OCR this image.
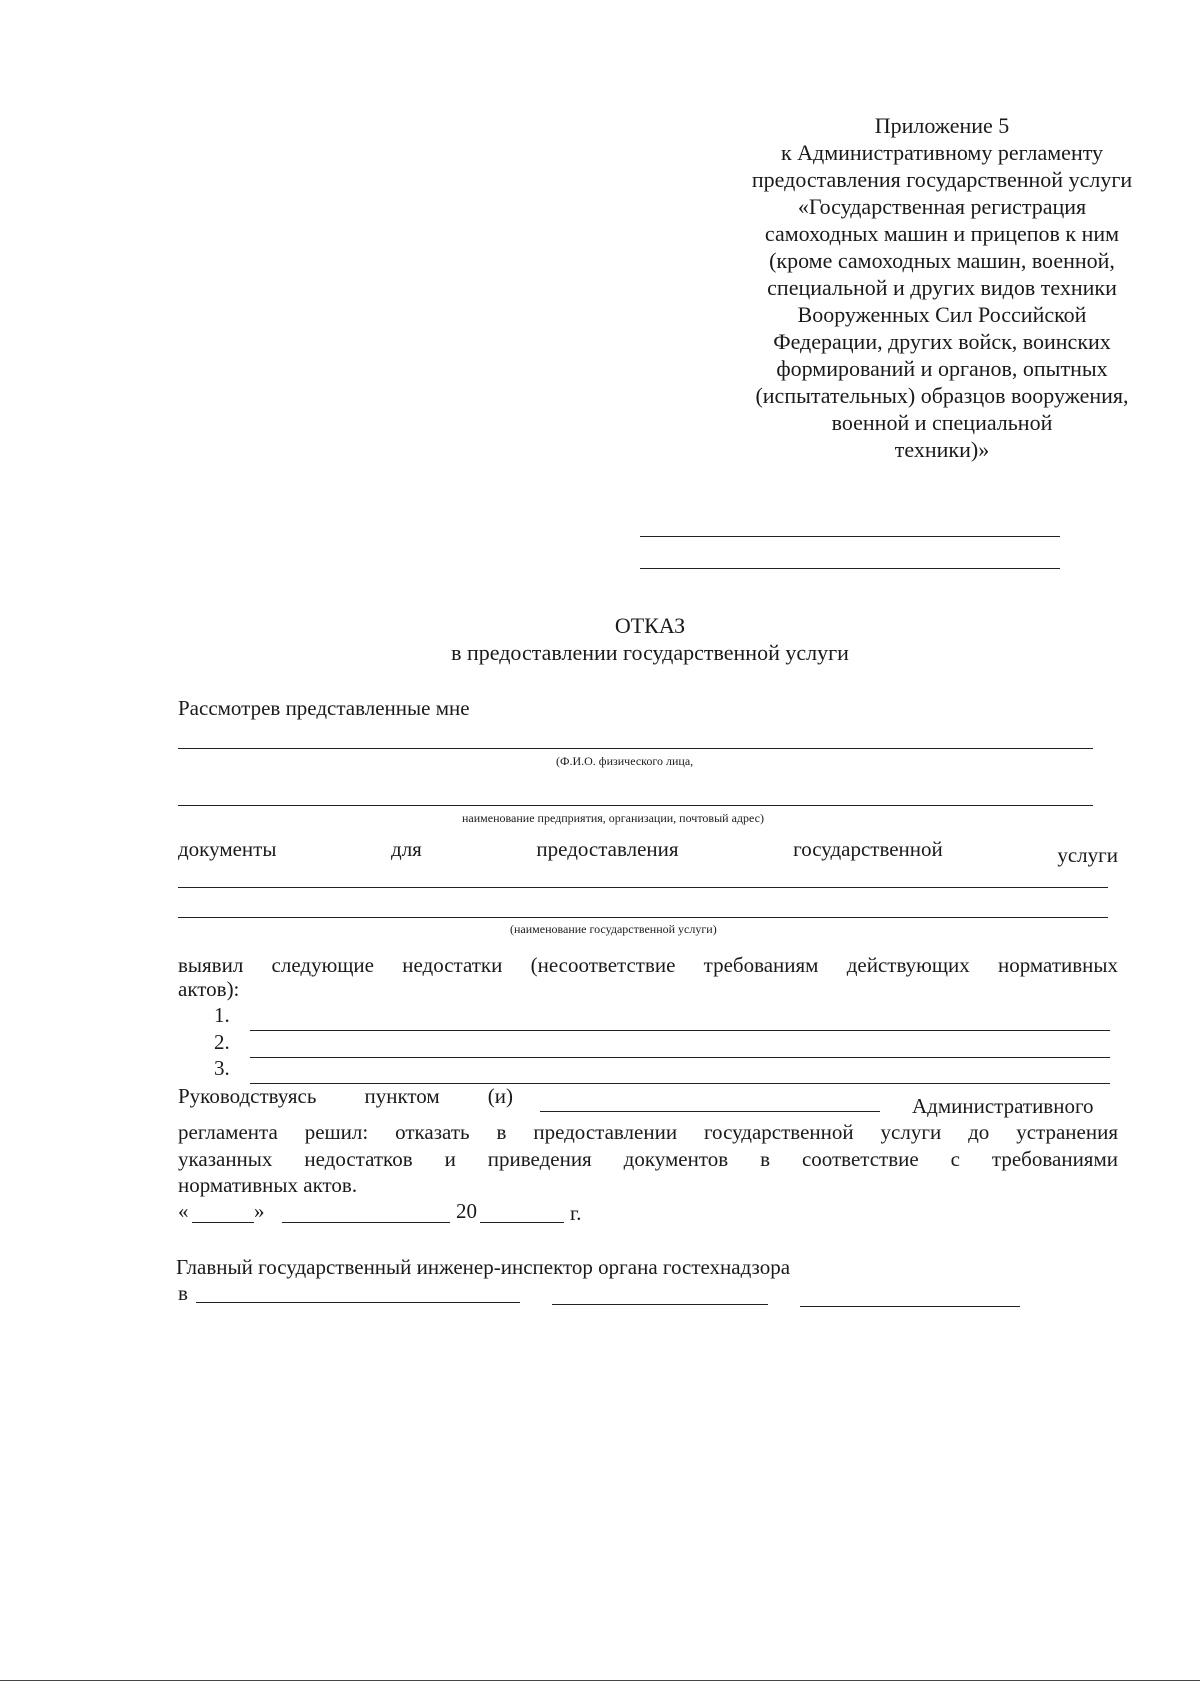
Приложение 5
к Административному регламенту
предоставления государственной услуги
«Государственная регистрация
самоходных машин и прицепов к ним
(кроме самоходных машин, военной,
специальной и других видов техники
Вооруженных Сил Российской
Федерации, других войск, воинских
формирований и органов, опытных
(испытательных) образцов вооружения,
военной и специальной
техники)»
ОТКАЗ
в предоставлении государственной услуги
Рассмотрев представленные мне
(Ф.И.О. физического лица,
наименование предприятия, организации, почтовый адрес)
документы	для	предоставления	государственной	услуги
(наименование государственной услуги)
выявил следующие недостатки (несоответствие требованиям действующих нормативных
актов):
1.
2.
3.
Руководствуясь пунктом (и)	Административного
регламента решил: отказать в предоставлении государственной услуги до устранения
указанных недостатков и приведения документов в соответствие с требованиями
нормативных актов.
«	»	20	г.
Главный государственный инженер-инспектор органа гостехнадзора
в
